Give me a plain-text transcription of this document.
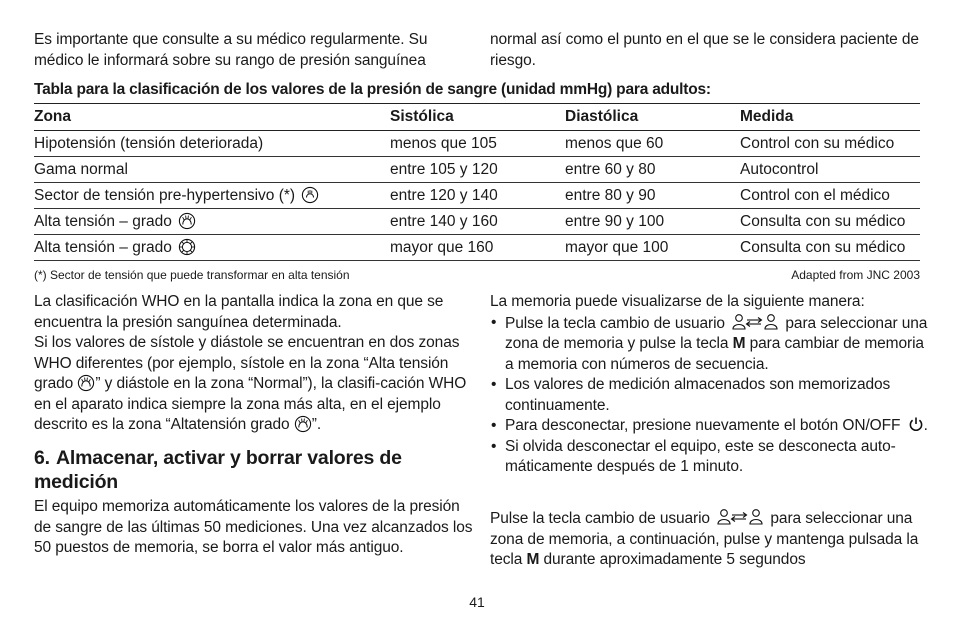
Es importante que consulte a su médico regularmente. Su médico le informará sobre su rango de presión sanguínea
normal así como el punto en el que se le considera paciente de riesgo.
Tabla para la clasificación de los valores de la presión de sangre (unidad mmHg) para adultos:
Zona	Sistólica	Diastólica	Medida
Hipotensión (tensión deteriorada)	menos que 105	menos que 60	Control con su médico
Gama normal	entre 105 y 120	entre 60 y 80	Autocontrol
Sector de tensión pre-hypertensivo (*)	entre 120 y 140	entre 80 y 90	Control con el médico
Alta tensión – grado	entre 140 y 160	entre 90 y 100	Consulta con su médico
Alta tensión – grado	mayor que 160	mayor que 100	Consulta con su médico
(*) Sector de tensión que puede transformar en alta tensión	Adapted from JNC 2003
La clasificación WHO en la pantalla indica la zona en que se encuentra la presión sanguínea determinada.
Si los valores de sístole y diástole se encuentran en dos zonas WHO diferentes (por ejemplo, sístole en la zona “Alta tensión grado ” y diástole en la zona “Normal”), la clasifi-cación WHO en el aparato indica siempre la zona más alta, en el ejemplo descrito es la zona “Altatensión grado ”.
6. Almacenar, activar y borrar valores de medición
El equipo memoriza automáticamente los valores de la presión de sangre de las últimas 50 mediciones. Una vez alcanzados los 50 puestos de memoria, se borra el valor más antiguo.
La memoria puede visualizarse de la siguiente manera:
• Pulse la tecla cambio de usuario	para seleccionar una zona de memoria y pulse la tecla M para cambiar de memoria a memoria con números de secuencia.
• Los valores de medición almacenados son memorizados continuamente.
• Para desconectar, presione nuevamente el botón ON/OFF .
• Si olvida desconectar el equipo, este se desconecta auto-máticamente después de 1 minuto.
Pulse la tecla cambio de usuario	para seleccionar una zona de memoria, a continuación, pulse y mantenga pulsada la tecla M durante aproximadamente 5 segundos
41
